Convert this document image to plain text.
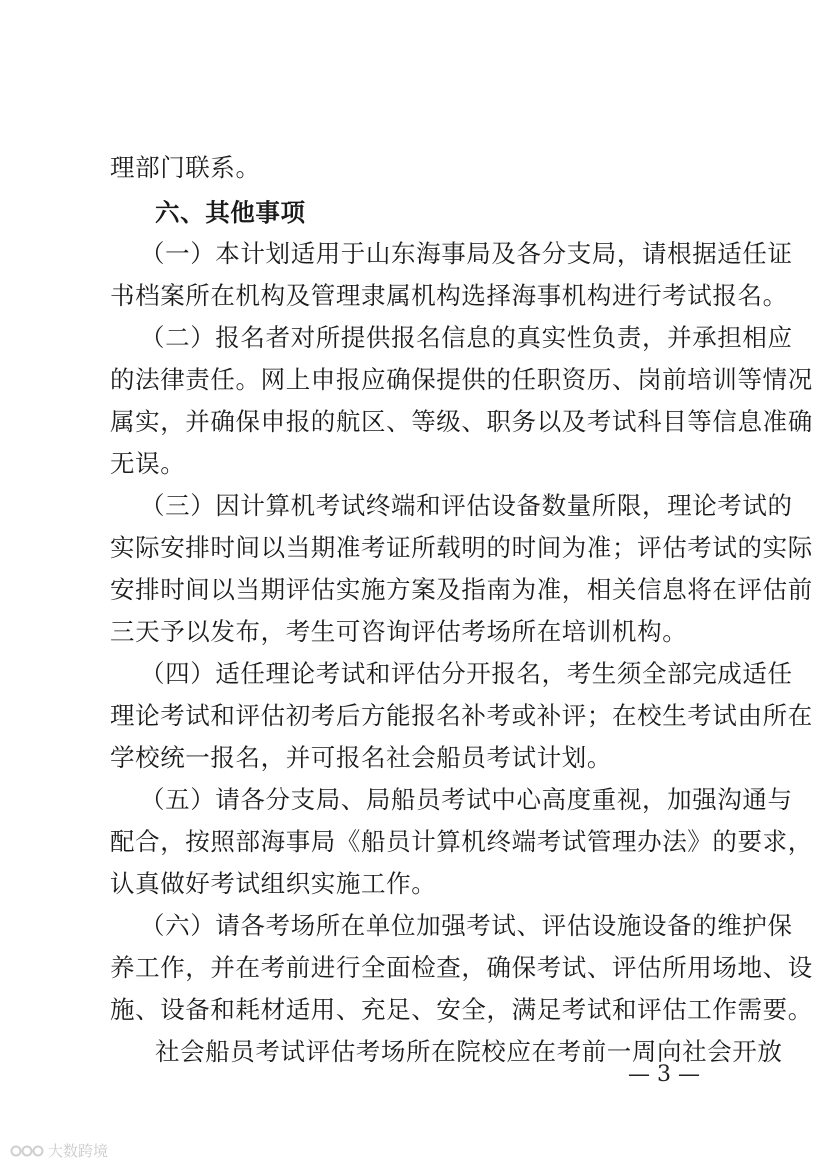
理部门联系。
六、其他事项
（一）本计划适用于山东海事局及各分支局，请根据适任证
书档案所在机构及管理隶属机构选择海事机构进行考试报名。
（二）报名者对所提供报名信息的真实性负责，并承担相应
的法律责任。网上申报应确保提供的任职资历、岗前培训等情况
属实，并确保申报的航区、等级、职务以及考试科目等信息准确
无误。
（三）因计算机考试终端和评估设备数量所限，理论考试的
实际安排时间以当期准考证所载明的时间为准；评估考试的实际
安排时间以当期评估实施方案及指南为准，相关信息将在评估前
三天予以发布，考生可咨询评估考场所在培训机构。
（四）适任理论考试和评估分开报名，考生须全部完成适任
理论考试和评估初考后方能报名补考或补评；在校生考试由所在
学校统一报名，并可报名社会船员考试计划。
（五）请各分支局、局船员考试中心高度重视，加强沟通与
配合，按照部海事局《船员计算机终端考试管理办法》的要求，
认真做好考试组织实施工作。
（六）请各考场所在单位加强考试、评估设施设备的维护保
养工作，并在考前进行全面检查，确保考试、评估所用场地、设
施、设备和耗材适用、充足、安全，满足考试和评估工作需要。
社会船员考试评估考场所在院校应在考前一周向社会开放
— 3 —
大数跨境
